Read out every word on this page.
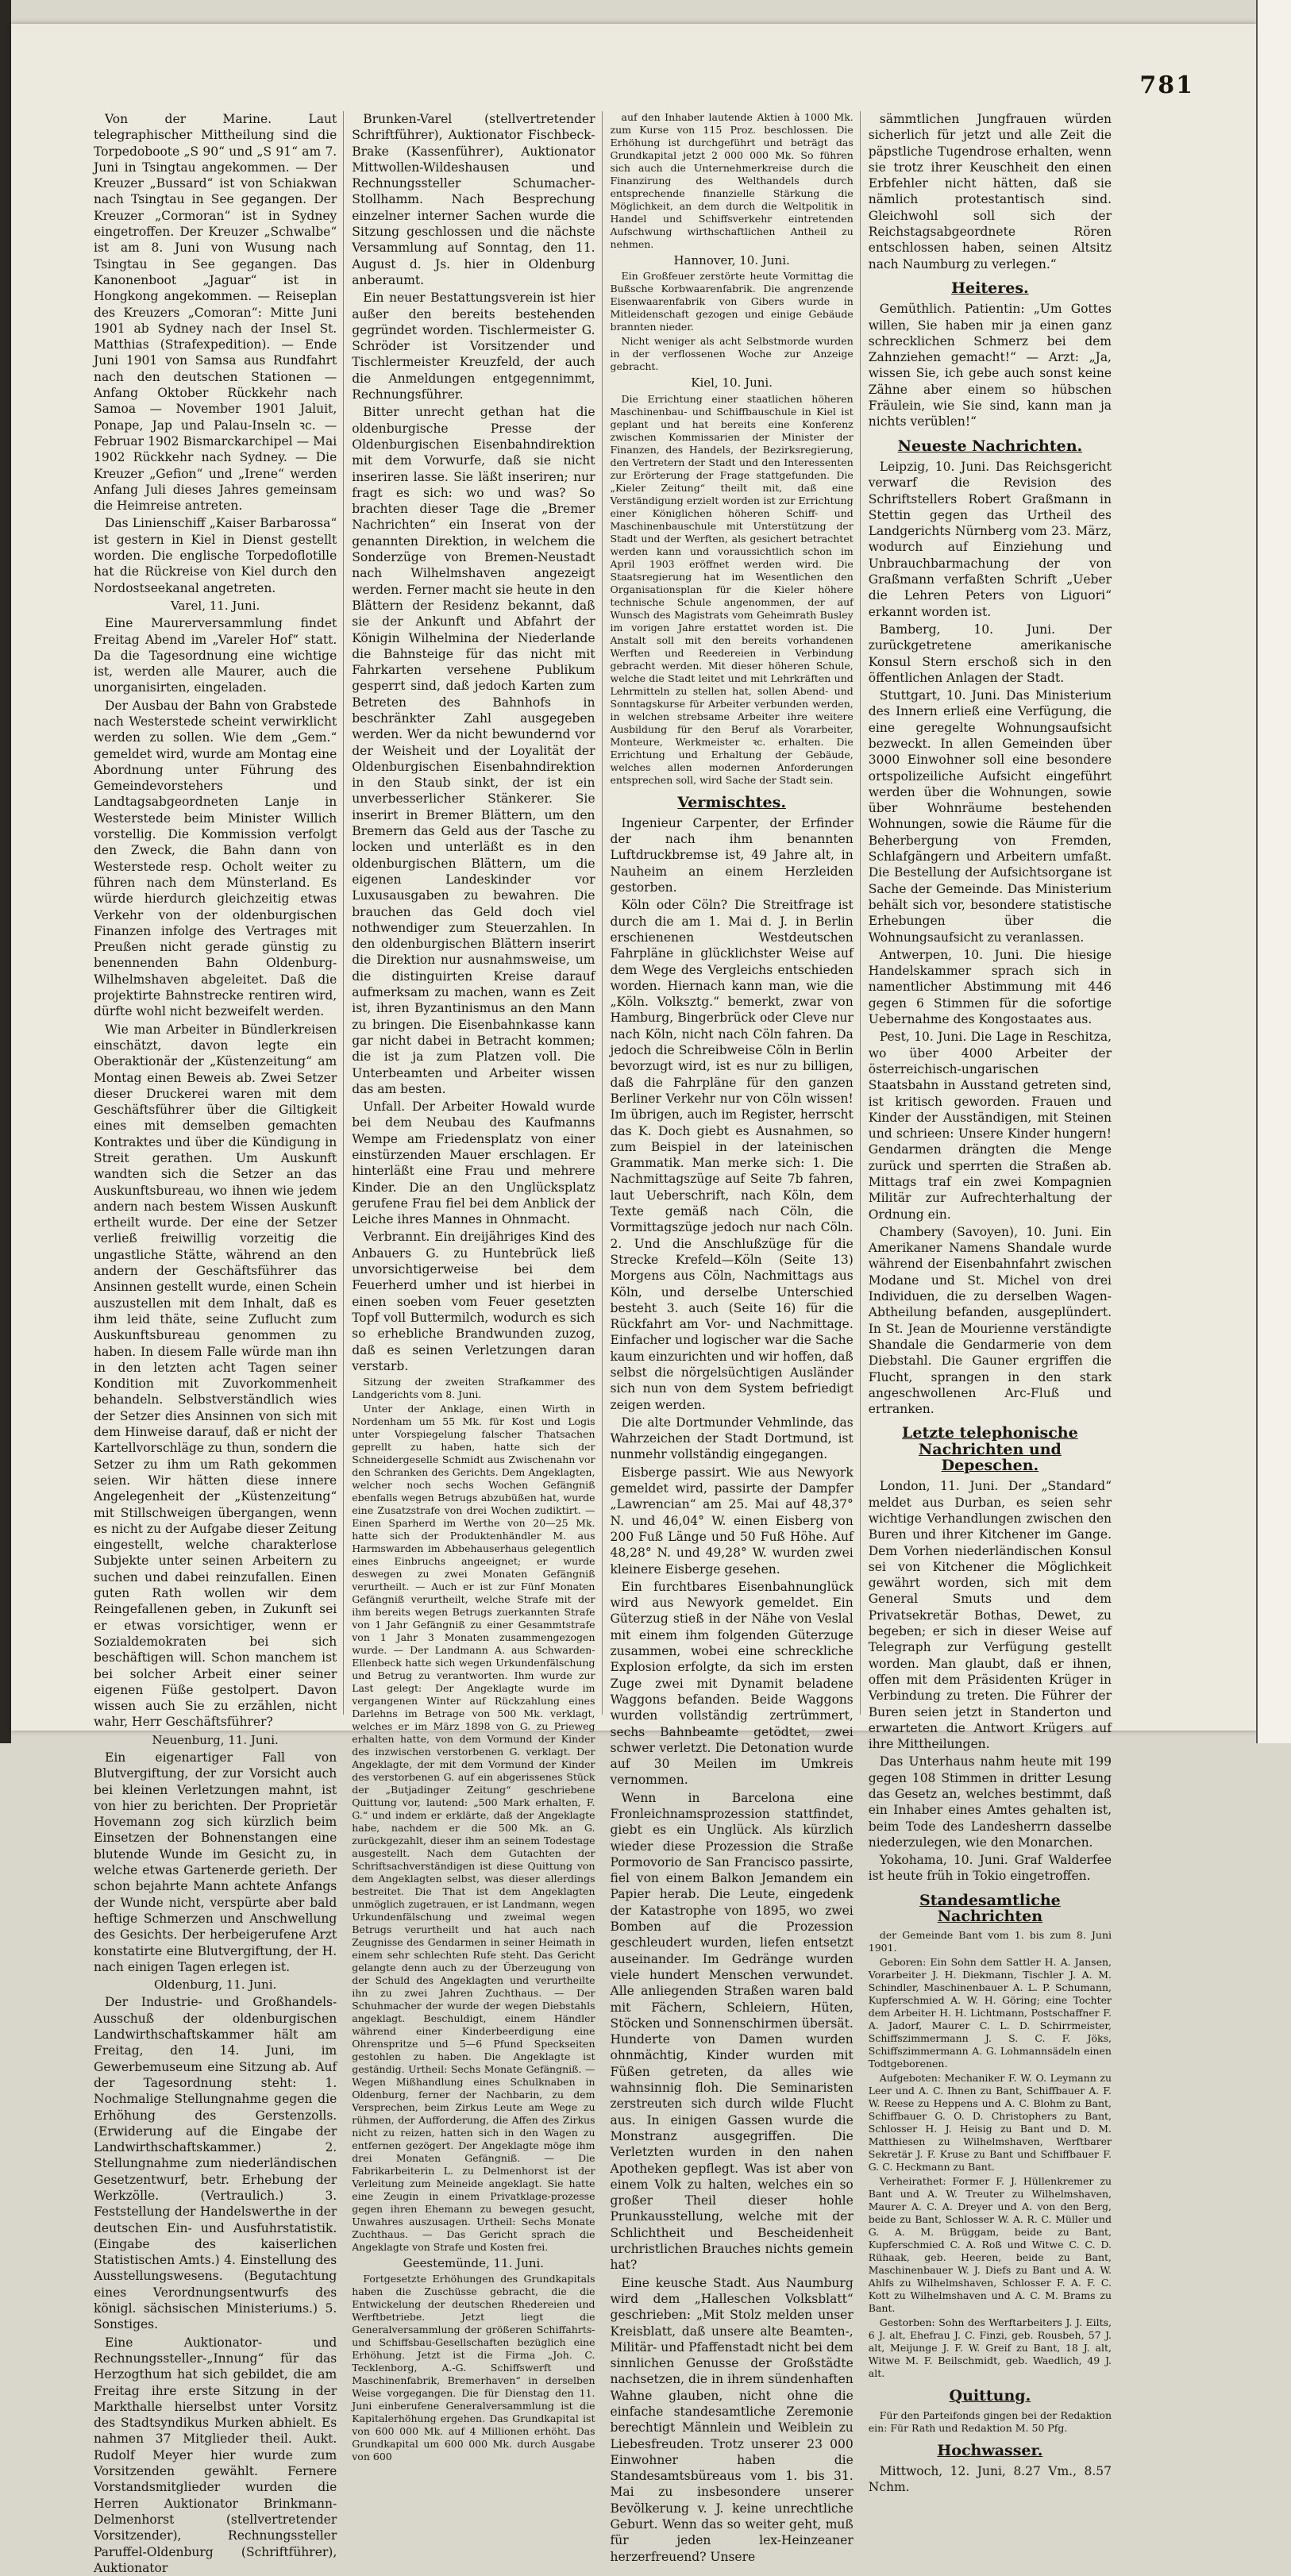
781

Von der Marine. Laut telegraphischer Mittheilung sind die Torpedoboote „S 90“ und „S 91“ am 7. Juni in Tsingtau angekommen. — Der Kreuzer „Bussard“ ist von Schiakwan nach Tsingtau in See gegangen. Der Kreuzer „Cormoran“ ist in Sydney eingetroffen. Der Kreuzer „Schwalbe“ ist am 8. Juni von Wusung nach Tsingtau in See gegangen. Das Kanonenboot „Jaguar“ ist in Hongkong angekommen. — Reiseplan des Kreuzers „Comoran“: Mitte Juni 1901 ab Sydney nach der Insel St. Matthias (Strafexpedition). — Ende Juni 1901 von Samsa aus Rundfahrt nach den deutschen Stationen — Anfang Oktober Rückkehr nach Samoa — November 1901 Jaluit, Ponape, Jap und Palau-Inseln ꝛc. — Februar 1902 Bismarckarchipel — Mai 1902 Rückkehr nach Sydney. — Die Kreuzer „Gefion“ und „Irene“ werden Anfang Juli dieses Jahres gemeinsam die Heimreise antreten.

Das Linienschiff „Kaiser Barbarossa“ ist gestern in Kiel in Dienst gestellt worden. Die englische Torpedoflotille hat die Rückreise von Kiel durch den Nordostseekanal angetreten.

Varel, 11. Juni.

Eine Maurerversammlung findet Freitag Abend im „Vareler Hof“ statt. Da die Tagesordnung eine wichtige ist, werden alle Maurer, auch die unorganisirten, eingeladen.

Der Ausbau der Bahn von Grabstede nach Westerstede scheint verwirklicht werden zu sollen. Wie dem „Gem.“ gemeldet wird, wurde am Montag eine Abordnung unter Führung des Gemeindevorstehers und Landtagsabgeordneten Lanje in Westerstede beim Minister Willich vorstellig. Die Kommission verfolgt den Zweck, die Bahn dann von Westerstede resp. Ocholt weiter zu führen nach dem Münsterland. Es würde hierdurch gleichzeitig etwas Verkehr von der oldenburgischen Finanzen infolge des Vertrages mit Preußen nicht gerade günstig zu benennenden Bahn Oldenburg-Wilhelmshaven abgeleitet. Daß die projektirte Bahnstrecke rentiren wird, dürfte wohl nicht bezweifelt werden.

Wie man Arbeiter in Bündlerkreisen einschätzt, davon legte ein Oberaktionär der „Küstenzeitung“ am Montag einen Beweis ab. Zwei Setzer dieser Druckerei waren mit dem Geschäftsführer über die Giltigkeit eines mit demselben gemachten Kontraktes und über die Kündigung in Streit gerathen. Um Auskunft wandten sich die Setzer an das Auskunftsbureau, wo ihnen wie jedem andern nach bestem Wissen Auskunft ertheilt wurde. Der eine der Setzer verließ freiwillig vorzeitig die ungastliche Stätte, während an den andern der Geschäftsführer das Ansinnen gestellt wurde, einen Schein auszustellen mit dem Inhalt, daß es ihm leid thäte, seine Zuflucht zum Auskunftsbureau genommen zu haben. In diesem Falle würde man ihn in den letzten acht Tagen seiner Kondition mit Zuvorkommenheit behandeln. Selbstverständlich wies der Setzer dies Ansinnen von sich mit dem Hinweise darauf, daß er nicht der Kartellvorschläge zu thun, sondern die Setzer zu ihm um Rath gekommen seien. Wir hätten diese innere Angelegenheit der „Küstenzeitung“ mit Stillschweigen übergangen, wenn es nicht zu der Aufgabe dieser Zeitung eingestellt, welche charakterlose Subjekte unter seinen Arbeitern zu suchen und dabei reinzufallen. Einen guten Rath wollen wir dem Reingefallenen geben, in Zukunft sei er etwas vorsichtiger, wenn er Sozialdemokraten bei sich beschäftigen will. Schon manchem ist bei solcher Arbeit einer seiner eigenen Füße gestolpert. Davon wissen auch Sie zu erzählen, nicht wahr, Herr Geschäftsführer?

Neuenburg, 11. Juni.

Ein eigenartiger Fall von Blutvergiftung, der zur Vorsicht auch bei kleinen Verletzungen mahnt, ist von hier zu berichten. Der Proprietär Hovemann zog sich kürzlich beim Einsetzen der Bohnenstangen eine blutende Wunde im Gesicht zu, in welche etwas Gartenerde gerieth. Der schon bejahrte Mann achtete Anfangs der Wunde nicht, verspürte aber bald heftige Schmerzen und Anschwellung des Gesichts. Der herbeigerufene Arzt konstatirte eine Blutvergiftung, der H. nach einigen Tagen erlegen ist.

Oldenburg, 11. Juni.

Der Industrie- und Großhandels-Ausschuß der oldenburgischen Landwirthschaftskammer hält am Freitag, den 14. Juni, im Gewerbemuseum eine Sitzung ab. Auf der Tagesordnung steht: 1. Nochmalige Stellungnahme gegen die Erhöhung des Gerstenzolls. (Erwiderung auf die Eingabe der Landwirthschaftskammer.) 2. Stellungnahme zum niederländischen Gesetzentwurf, betr. Erhebung der Werkzölle. (Vertraulich.) 3. Feststellung der Handelswerthe in der deutschen Ein- und Ausfuhrstatistik. (Eingabe des kaiserlichen Statistischen Amts.) 4. Einstellung des Ausstellungswesens. (Begutachtung eines Verordnungsentwurfs des königl. sächsischen Ministeriums.) 5. Sonstiges.

Eine Auktionator- und Rechnungssteller-„Innung“ für das Herzogthum hat sich gebildet, die am Freitag ihre erste Sitzung in der Markthalle hierselbst unter Vorsitz des Stadtsyndikus Murken abhielt. Es nahmen 37 Mitglieder theil. Aukt. Rudolf Meyer hier wurde zum Vorsitzenden gewählt. Fernere Vorstandsmitglieder wurden die Herren Auktionator Brinkmann-Delmenhorst (stellvertretender Vorsitzender), Rechnungssteller Paruffel-Oldenburg (Schriftführer), Auktionator

Brunken-Varel (stellvertretender Schriftführer), Auktionator Fischbeck-Brake (Kassenführer), Auktionator Mittwollen-Wildeshausen und Rechnungssteller Schumacher-Stollhamm. Nach Besprechung einzelner interner Sachen wurde die Sitzung geschlossen und die nächste Versammlung auf Sonntag, den 11. August d. Js. hier in Oldenburg anberaumt.

Ein neuer Bestattungsverein ist hier außer den bereits bestehenden gegründet worden. Tischlermeister G. Schröder ist Vorsitzender und Tischlermeister Kreuzfeld, der auch die Anmeldungen entgegennimmt, Rechnungsführer.

Bitter unrecht gethan hat die oldenburgische Presse der Oldenburgischen Eisenbahndirektion mit dem Vorwurfe, daß sie nicht inseriren lasse. Sie läßt inseriren; nur fragt es sich: wo und was? So brachten dieser Tage die „Bremer Nachrichten“ ein Inserat von der genannten Direktion, in welchem die Sonderzüge von Bremen-Neustadt nach Wilhelmshaven angezeigt werden. Ferner macht sie heute in den Blättern der Residenz bekannt, daß sie der Ankunft und Abfahrt der Königin Wilhelmina der Niederlande die Bahnsteige für das nicht mit Fahrkarten versehene Publikum gesperrt sind, daß jedoch Karten zum Betreten des Bahnhofs in beschränkter Zahl ausgegeben werden. Wer da nicht bewundernd vor der Weisheit und der Loyalität der Oldenburgischen Eisenbahndirektion in den Staub sinkt, der ist ein unverbesserlicher Stänkerer. Sie inserirt in Bremer Blättern, um den Bremern das Geld aus der Tasche zu locken und unterläßt es in den oldenburgischen Blättern, um die eigenen Landeskinder vor Luxusausgaben zu bewahren. Die brauchen das Geld doch viel nothwendiger zum Steuerzahlen. In den oldenburgischen Blättern inserirt die Direktion nur ausnahmsweise, um die distinguirten Kreise darauf aufmerksam zu machen, wann es Zeit ist, ihren Byzantinismus an den Mann zu bringen. Die Eisenbahnkasse kann gar nicht dabei in Betracht kommen; die ist ja zum Platzen voll. Die Unterbeamten und Arbeiter wissen das am besten.

Unfall. Der Arbeiter Howald wurde bei dem Neubau des Kaufmanns Wempe am Friedensplatz von einer einstürzenden Mauer erschlagen. Er hinterläßt eine Frau und mehrere Kinder. Die an den Unglücksplatz gerufene Frau fiel bei dem Anblick der Leiche ihres Mannes in Ohnmacht.

Verbrannt. Ein dreijähriges Kind des Anbauers G. zu Huntebrück ließ unvorsichtigerweise bei dem Feuerherd umher und ist hierbei in einen soeben vom Feuer gesetzten Topf voll Buttermilch, wodurch es sich so erhebliche Brandwunden zuzog, daß es seinen Verletzungen daran verstarb.

Sitzung der zweiten Strafkammer des Landgerichts vom 8. Juni.

Unter der Anklage, einen Wirth in Nordenham um 55 Mk. für Kost und Logis unter Vorspiegelung falscher Thatsachen geprellt zu haben, hatte sich der Schneidergeselle Schmidt aus Zwischenahn vor den Schranken des Gerichts. Dem Angeklagten, welcher noch sechs Wochen Gefängniß ebenfalls wegen Betrugs abzubüßen hat, wurde eine Zusatzstrafe von drei Wochen zudiktirt. — Einen Sparherd im Werthe von 20—25 Mk. hatte sich der Produktenhändler M. aus Harmswarden im Abbehauserhaus gelegentlich eines Einbruchs angeeignet; er wurde deswegen zu zwei Monaten Gefängniß verurtheilt. — Auch er ist zur Fünf Monaten Gefängniß verurtheilt, welche Strafe mit der ihm bereits wegen Betrugs zuerkannten Strafe von 1 Jahr Gefängniß zu einer Gesammtstrafe von 1 Jahr 3 Monaten zusammengezogen wurde. — Der Landmann A. aus Schwarden-Ellenbeck hatte sich wegen Urkundenfälschung und Betrug zu verantworten. Ihm wurde zur Last gelegt: Der Angeklagte wurde im vergangenen Winter auf Rückzahlung eines Darlehns im Betrage von 500 Mk. verklagt, welches er im März 1898 von G. zu Prieweg erhalten hatte, von dem Vormund der Kinder des inzwischen verstorbenen G. verklagt. Der Angeklagte, der mit dem Vormund der Kinder des verstorbenen G. auf ein abgerissenes Stück der „Butjadinger Zeitung“ geschriebene Quittung vor, lautend: „500 Mark erhalten, F. G.“ und indem er erklärte, daß der Angeklagte habe, nachdem er die 500 Mk. an G. zurückgezahlt, dieser ihm an seinem Todestage ausgestellt. Nach dem Gutachten der Schriftsachverständigen ist diese Quittung von dem Angeklagten selbst, was dieser allerdings bestreitet. Die That ist dem Angeklagten unmöglich zugetrauen, er ist Landmann, wegen Urkundenfälschung und zweimal wegen Betrugs verurtheilt und hat auch nach Zeugnisse des Gendarmen in seiner Heimath in einem sehr schlechten Rufe steht. Das Gericht gelangte denn auch zu der Überzeugung von der Schuld des Angeklagten und verurtheilte ihn zu zwei Jahren Zuchthaus. — Der Schuhmacher der wurde der wegen Diebstahls angeklagt. Beschuldigt, einem Händler während einer Kinderbeerdigung eine Ohrenspritze und 5—6 Pfund Speckseiten gestohlen zu haben. Die Angeklagte ist geständig. Urtheil: Sechs Monate Gefängniß. — Wegen Mißhandlung eines Schulknaben in Oldenburg, ferner der Nachbarin, zu dem Versprechen, beim Zirkus Leute am Wege zu rühmen, der Aufforderung, die Affen des Zirkus nicht zu reizen, hatten sich in den Wagen zu entfernen gezögert. Der Angeklagte möge ihm drei Monaten Gefängniß. — Die Fabrikarbeiterin L. zu Delmenhorst ist der Verleitung zum Meineide angeklagt. Sie hatte eine Zeugin in einem Privatklage-prozesse gegen ihren Ehemann zu bewegen gesucht, Unwahres auszusagen. Urtheil: Sechs Monate Zuchthaus. — Das Gericht sprach die Angeklagte von Strafe und Kosten frei.

Geestemünde, 11. Juni.

Fortgesetzte Erhöhungen des Grundkapitals haben die Zuschüsse gebracht, die die Entwickelung der deutschen Rhedereien und Werftbetriebe. Jetzt liegt die Generalversammlung der größeren Schiffahrts- und Schiffsbau-Gesellschaften bezüglich eine Erhöhung. Jetzt ist die Firma „Joh. C. Tecklenborg, A.-G. Schiffswerft und Maschinenfabrik, Bremerhaven“ in derselben Weise vorgegangen. Die für Dienstag den 11. Juni einberufene Generalversammlung ist die Kapitalerhöhung ergehen. Das Grundkapital ist von 600 000 Mk. auf 4 Millionen erhöht. Das Grundkapital um 600 000 Mk. durch Ausgabe von 600

auf den Inhaber lautende Aktien à 1000 Mk. zum Kurse von 115 Proz. beschlossen. Die Erhöhung ist durchgeführt und beträgt das Grundkapital jetzt 2 000 000 Mk. So führen sich auch die Unternehmerkreise durch die Finanzirung des Welthandels durch entsprechende finanzielle Stärkung die Möglichkeit, an dem durch die Weltpolitik in Handel und Schiffsverkehr eintretenden Aufschwung wirthschaftlichen Antheil zu nehmen.

Hannover, 10. Juni.

Ein Großfeuer zerstörte heute Vormittag die Bußsche Korbwaarenfabrik. Die angrenzende Eisenwaarenfabrik von Gibers wurde in Mitleidenschaft gezogen und einige Gebäude brannten nieder.

Nicht weniger als acht Selbstmorde wurden in der verflossenen Woche zur Anzeige gebracht.

Kiel, 10. Juni.

Die Errichtung einer staatlichen höheren Maschinenbau- und Schiffbauschule in Kiel ist geplant und hat bereits eine Konferenz zwischen Kommissarien der Minister der Finanzen, des Handels, der Bezirksregierung, den Vertretern der Stadt und den Interessenten zur Erörterung der Frage stattgefunden. Die „Kieler Zeitung“ theilt mit, daß eine Verständigung erzielt worden ist zur Errichtung einer Königlichen höheren Schiff- und Maschinenbauschule mit Unterstützung der Stadt und der Werften, als gesichert betrachtet werden kann und voraussichtlich schon im April 1903 eröffnet werden wird. Die Staatsregierung hat im Wesentlichen den Organisationsplan für die Kieler höhere technische Schule angenommen, der auf Wunsch des Magistrats vom Geheimrath Busley im vorigen Jahre erstattet worden ist. Die Anstalt soll mit den bereits vorhandenen Werften und Reedereien in Verbindung gebracht werden. Mit dieser höheren Schule, welche die Stadt leitet und mit Lehrkräften und Lehrmitteln zu stellen hat, sollen Abend- und Sonntagskurse für Arbeiter verbunden werden, in welchen strebsame Arbeiter ihre weitere Ausbildung für den Beruf als Vorarbeiter, Monteure, Werkmeister ꝛc. erhalten. Die Errichtung und Erhaltung der Gebäude, welches allen modernen Anforderungen entsprechen soll, wird Sache der Stadt sein.

Vermischtes.

Ingenieur Carpenter, der Erfinder der nach ihm benannten Luftdruckbremse ist, 49 Jahre alt, in Nauheim an einem Herzleiden gestorben.

Köln oder Cöln? Die Streitfrage ist durch die am 1. Mai d. J. in Berlin erschienenen Westdeutschen Fahrpläne in glücklichster Weise auf dem Wege des Vergleichs entschieden worden. Hiernach kann man, wie die „Köln. Volksztg.“ bemerkt, zwar von Hamburg, Bingerbrück oder Cleve nur nach Köln, nicht nach Cöln fahren. Da jedoch die Schreibweise Cöln in Berlin bevorzugt wird, ist es nur zu billigen, daß die Fahrpläne für den ganzen Berliner Verkehr nur von Cöln wissen! Im übrigen, auch im Register, herrscht das K. Doch giebt es Ausnahmen, so zum Beispiel in der lateinischen Grammatik. Man merke sich: 1. Die Nachmittagszüge auf Seite 7b fahren, laut Ueberschrift, nach Köln, dem Texte gemäß nach Cöln, die Vormittagszüge jedoch nur nach Cöln. 2. Und die Anschlußzüge für die Strecke Krefeld—Köln (Seite 13) Morgens aus Cöln, Nachmittags aus Köln, und derselbe Unterschied besteht 3. auch (Seite 16) für die Rückfahrt am Vor- und Nachmittage. Einfacher und logischer war die Sache kaum einzurichten und wir hoffen, daß selbst die nörgelsüchtigen Ausländer sich nun von dem System befriedigt zeigen werden.

Die alte Dortmunder Vehmlinde, das Wahrzeichen der Stadt Dortmund, ist nunmehr vollständig eingegangen.

Eisberge passirt. Wie aus Newyork gemeldet wird, passirte der Dampfer „Lawrencian“ am 25. Mai auf 48,37° N. und 46,04° W. einen Eisberg von 200 Fuß Länge und 50 Fuß Höhe. Auf 48,28° N. und 49,28° W. wurden zwei kleinere Eisberge gesehen.

Ein furchtbares Eisenbahnunglück wird aus Newyork gemeldet. Ein Güterzug stieß in der Nähe von Veslal mit einem ihm folgenden Güterzuge zusammen, wobei eine schreckliche Explosion erfolgte, da sich im ersten Zuge zwei mit Dynamit beladene Waggons befanden. Beide Waggons wurden vollständig zertrümmert, sechs Bahnbeamte getödtet, zwei schwer verletzt. Die Detonation wurde auf 30 Meilen im Umkreis vernommen.

Wenn in Barcelona eine Fronleichnamsprozession stattfindet, giebt es ein Unglück. Als kürzlich wieder diese Prozession die Straße Pormovorio de San Francisco passirte, fiel von einem Balkon Jemandem ein Papier herab. Die Leute, eingedenk der Katastrophe von 1895, wo zwei Bomben auf die Prozession geschleudert wurden, liefen entsetzt auseinander. Im Gedränge wurden viele hundert Menschen verwundet. Alle anliegenden Straßen waren bald mit Fächern, Schleiern, Hüten, Stöcken und Sonnenschirmen übersät. Hunderte von Damen wurden ohnmächtig, Kinder wurden mit Füßen getreten, da alles wie wahnsinnig floh. Die Seminaristen zerstreuten sich durch wilde Flucht aus. In einigen Gassen wurde die Monstranz ausgegriffen. Die Verletzten wurden in den nahen Apotheken gepflegt. Was ist aber von einem Volk zu halten, welches ein so großer Theil dieser hohle Prunkausstellung, welche mit der Schlichtheit und Bescheidenheit urchristlichen Brauches nichts gemein hat?

Eine keusche Stadt. Aus Naumburg wird dem „Halleschen Volksblatt“ geschrieben: „Mit Stolz melden unser Kreisblatt, daß unsere alte Beamten-, Militär- und Pfaffenstadt nicht bei dem sinnlichen Genusse der Großstädte nachsetzen, die in ihrem sündenhaften Wahne glauben, nicht ohne die einfache standesamtliche Zeremonie berechtigt Männlein und Weiblein zu Liebesfreuden. Trotz unserer 23 000 Einwohner haben die Standesamtsbüreaus vom 1. bis 31. Mai zu insbesondere unserer Bevölkerung v. J. keine unrechtliche Geburt. Wenn das so weiter geht, muß für jeden lex-Heinzeaner herzerfreuend? Unsere

sämmtlichen Jungfrauen würden sicherlich für jetzt und alle Zeit die päpstliche Tugendrose erhalten, wenn sie trotz ihrer Keuschheit den einen Erbfehler nicht hätten, daß sie nämlich protestantisch sind. Gleichwohl soll sich der Reichstagsabgeordnete Rören entschlossen haben, seinen Altsitz nach Naumburg zu verlegen.“

Heiteres.

Gemüthlich. Patientin: „Um Gottes willen, Sie haben mir ja einen ganz schrecklichen Schmerz bei dem Zahnziehen gemacht!“ — Arzt: „Ja, wissen Sie, ich gebe auch sonst keine Zähne aber einem so hübschen Fräulein, wie Sie sind, kann man ja nichts verüblen!“

Neueste Nachrichten.

Leipzig, 10. Juni. Das Reichsgericht verwarf die Revision des Schriftstellers Robert Graßmann in Stettin gegen das Urtheil des Landgerichts Nürnberg vom 23. März, wodurch auf Einziehung und Unbrauchbarmachung der von Graßmann verfaßten Schrift „Ueber die Lehren Peters von Liguori“ erkannt worden ist.

Bamberg, 10. Juni. Der zurückgetretene amerikanische Konsul Stern erschoß sich in den öffentlichen Anlagen der Stadt.

Stuttgart, 10. Juni. Das Ministerium des Innern erließ eine Verfügung, die eine geregelte Wohnungsaufsicht bezweckt. In allen Gemeinden über 3000 Einwohner soll eine besondere ortspolizeiliche Aufsicht eingeführt werden über die Wohnungen, sowie über Wohnräume bestehenden Wohnungen, sowie die Räume für die Beherbergung von Fremden, Schlafgängern und Arbeitern umfaßt. Die Bestellung der Aufsichtsorgane ist Sache der Gemeinde. Das Ministerium behält sich vor, besondere statistische Erhebungen über die Wohnungsaufsicht zu veranlassen.

Antwerpen, 10. Juni. Die hiesige Handelskammer sprach sich in namentlicher Abstimmung mit 446 gegen 6 Stimmen für die sofortige Uebernahme des Kongostaates aus.

Pest, 10. Juni. Die Lage in Reschitza, wo über 4000 Arbeiter der österreichisch-ungarischen Staatsbahn in Ausstand getreten sind, ist kritisch geworden. Frauen und Kinder der Ausständigen, mit Steinen und schrieen: Unsere Kinder hungern! Gendarmen drängten die Menge zurück und sperrten die Straßen ab. Mittags traf ein zwei Kompagnien Militär zur Aufrechterhaltung der Ordnung ein.

Chambery (Savoyen), 10. Juni. Ein Amerikaner Namens Shandale wurde während der Eisenbahnfahrt zwischen Modane und St. Michel von drei Individuen, die zu derselben Wagen-Abtheilung befanden, ausgeplündert. In St. Jean de Mourienne verständigte Shandale die Gendarmerie von dem Diebstahl. Die Gauner ergriffen die Flucht, sprangen in den stark angeschwollenen Arc-Fluß und ertranken.

Letzte telephonische Nachrichten und Depeschen.

London, 11. Juni. Der „Standard“ meldet aus Durban, es seien sehr wichtige Verhandlungen zwischen den Buren und ihrer Kitchener im Gange. Dem Vorhen niederländischen Konsul sei von Kitchener die Möglichkeit gewährt worden, sich mit dem General Smuts und dem Privatsekretär Bothas, Dewet, zu begeben; er sich in dieser Weise auf Telegraph zur Verfügung gestellt worden. Man glaubt, daß er ihnen, offen mit dem Präsidenten Krüger in Verbindung zu treten. Die Führer der Buren seien jetzt in Standerton und erwarteten die Antwort Krügers auf ihre Mittheilungen.

Das Unterhaus nahm heute mit 199 gegen 108 Stimmen in dritter Lesung das Gesetz an, welches bestimmt, daß ein Inhaber eines Amtes gehalten ist, beim Tode des Landesherrn dasselbe niederzulegen, wie den Monarchen.

Yokohama, 10. Juni. Graf Walderfee ist heute früh in Tokio eingetroffen.

Standesamtliche Nachrichten

der Gemeinde Bant vom 1. bis zum 8. Juni 1901.

Geboren: Ein Sohn dem Sattler H. A. Jansen, Vorarbeiter J. H. Diekmann, Tischler J. A. M. Schindler, Maschinenbauer A. L. P. Schumann, Kupferschmied A. W. H. Göring; eine Tochter dem Arbeiter H. H. Lichtmann, Postschaffner F. A. Jadorf, Maurer C. L. D. Schirrmeister, Schiffszimmermann J. S. C. F. Jöks, Schiffszimmermann A. G. Lohmannsädeln einen Todtgeborenen.

Aufgeboten: Mechaniker F. W. O. Leymann zu Leer und A. C. Ihnen zu Bant, Schiffbauer A. F. W. Reese zu Heppens und A. C. Blohm zu Bant, Schiffbauer G. O. D. Christophers zu Bant, Schlosser H. J. Heisig zu Bant und D. M. Matthiesen zu Wilhelmshaven, Werftbarer Sekretär J. F. Kruse zu Bant und Schiffbauer F. G. C. Heckmann zu Bant.

Verheirathet: Former F. J. Hüllenkremer zu Bant und A. W. Treuter zu Wilhelmshaven, Maurer A. C. A. Dreyer und A. von den Berg, beide zu Bant, Schlosser W. A. R. C. Müller und G. A. M. Brüggam, beide zu Bant, Kupferschmied C. A. Roß und Witwe C. C. D. Rühaak, geb. Heeren, beide zu Bant, Maschinenbauer W. J. Diefs zu Bant und A. W. Ahlfs zu Wilhelmshaven, Schlosser F. A. F. C. Kott zu Wilhelmshaven und A. C. M. Brams zu Bant.

Gestorben: Sohn des Werftarbeiters J. J. Eilts, 6 J. alt, Ehefrau J. C. Finzi, geb. Rousbeh, 57 J. alt, Meijunge J. F. W. Greif zu Bant, 18 J. alt, Witwe M. F. Beilschmidt, geb. Waedlich, 49 J. alt.

Quittung.

Für den Parteifonds gingen bei der Redaktion ein: Für Rath und Redaktion M. 50 Pfg.

Hochwasser.

Mittwoch, 12. Juni, 8.27 Vm., 8.57 Nchm.
